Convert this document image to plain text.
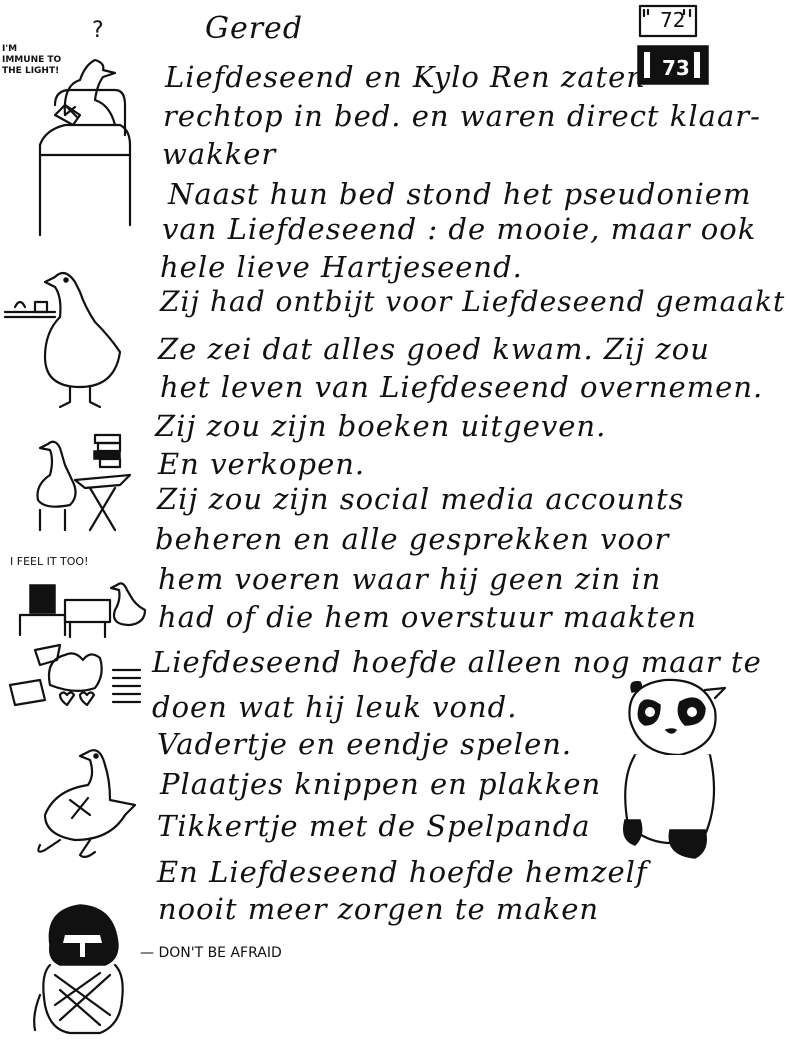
Gered	72
73
Liefdeseend en Kylo Ren zaten
rechtop in bed. en waren direct klaar-
wakker
Naast hun bed stond het pseudoniem
van Liefdeseend : de mooie, maar ook
hele lieve Hartjeseend.
Zij had ontbijt voor Liefdeseend gemaakt
Ze zei dat alles goed kwam. Zij zou
het leven van Liefdeseend overnemen.
Zij zou zijn boeken uitgeven.
En verkopen.
Zij zou zijn social media accounts
beheren en alle gesprekken voor
hem voeren waar hij geen zin in
had of die hem overstuur maakten
Liefdeseend hoefde alleen nog maar te
doen wat hij leuk vond.
Vadertje en eendje spelen.
Plaatjes knippen en plakken
Tikkertje met de Spelpanda
En Liefdeseend hoefde hemzelf
nooit meer zorgen te maken
I'M IMMUNE TO THE LIGHT!
?
I FEEL IT TOO!
— DON'T BE AFRAID
